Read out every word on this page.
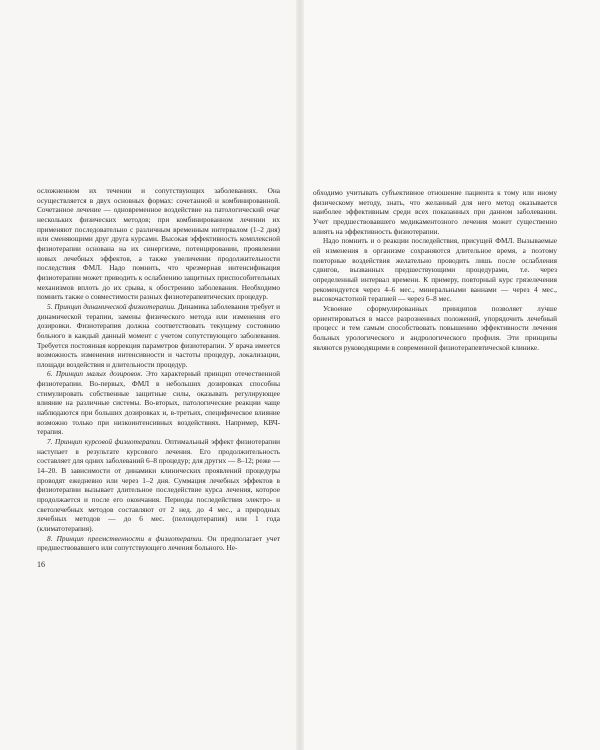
осложненном их течении и сопутствующих заболеваниях. Она осуществляется в двух основных формах: сочетанной и комбинированной. Сочетанное лечение — одновременное воздействие на патологический очаг нескольких физических методов; при комбинированном лечении их применяют последовательно с различным временным интервалом (1–2 дня) или сменяющими друг друга курсами. Высокая эффективность комплексной физиотерапии основана на их синергизме, потенцировании, проявлении новых лечебных эффектов, а также увеличении продолжительности последствия ФМЛ. Надо помнить, что чрезмерная интенсификация физиотерапии может приводить к ослаблению защитных приспособительных механизмов вплоть до их срыва, к обострению заболевания. Необходимо помнить также о совместимости разных физиотерапевтических процедур.

5. Принцип динамической физиотерапии. Динамика заболевания требует и динамической терапии, замены физического метода или изменения его дозировки. Физиотерапия должна соответствовать текущему состоянию больного в каждый данный момент с учетом сопутствующего заболевания. Требуется постоянная коррекция параметров физиотерапии. У врача имеется возможность изменения интенсивности и частоты процедур, локализации, площади воздействия и длительности процедур.

6. Принцип малых дозировок. Это характерный принцип отечественной физиотерапии. Во-первых, ФМЛ в небольших дозировках способны стимулировать собственные защитные силы, оказывать регулирующее влияние на различные системы. Во-вторых, патологические реакции чаще наблюдаются при больших дозировках и, в-третьих, специфическое влияние возможно только при низкоинтенсивных воздействиях. Например, КВЧ-терапия.

7. Принцип курсовой физиотерапии. Оптимальный эффект физиотерапии наступает в результате курсового лечения. Его продолжительность составляет для одних заболеваний 6–8 процедур; для других — 8–12; реже — 14–20. В зависимости от динамики клинических проявлений процедуры проводят ежедневно или через 1–2 дня. Суммация лечебных эффектов в физиотерапии вызывает длительное последействие курса лечения, которое продолжается и после его окончания. Периоды последействия электро- и светолечебных методов составляют от 2 нед. до 4 мес., а природных лечебных методов — до 6 мес. (пелоидотерапия) или 1 года (климатотерапия).

8. Принцип преемственности в физиотерапии. Он предполагает учет предшествовавшего или сопутствующего лечения больного. Не-

16

обходимо учитывать субъективное отношение пациента к тому или иному физическому методу, знать, что желанный для него метод оказывается наиболее эффективным среди всех показанных при данном заболевании. Учет предшествовавшего медикаментозного лечения может существенно влиять на эффективность физиотерапии.

Надо помнить и о реакции последействия, присущей ФМЛ. Вызываемые ей изменения в организме сохраняются длительное время, а поэтому повторные воздействия желательно проводить лишь после ослабления сдвигов, вызванных предшествующими процедурами, т.е. через определенный интервал времени. К примеру, повторный курс грязелечения рекомендуется через 4–6 мес., минеральными ваннами — через 4 мес., высокочастотной терапией — через 6–8 мес.

Усвоение сформулированных принципов позволяет лучше ориентироваться в массе разрозненных положений, упорядочить лечебный процесс и тем самым способствовать повышению эффективности лечения больных урологического и андрологического профиля. Эти принципы являются руководящими в современной физиотерапевтической клинике.
